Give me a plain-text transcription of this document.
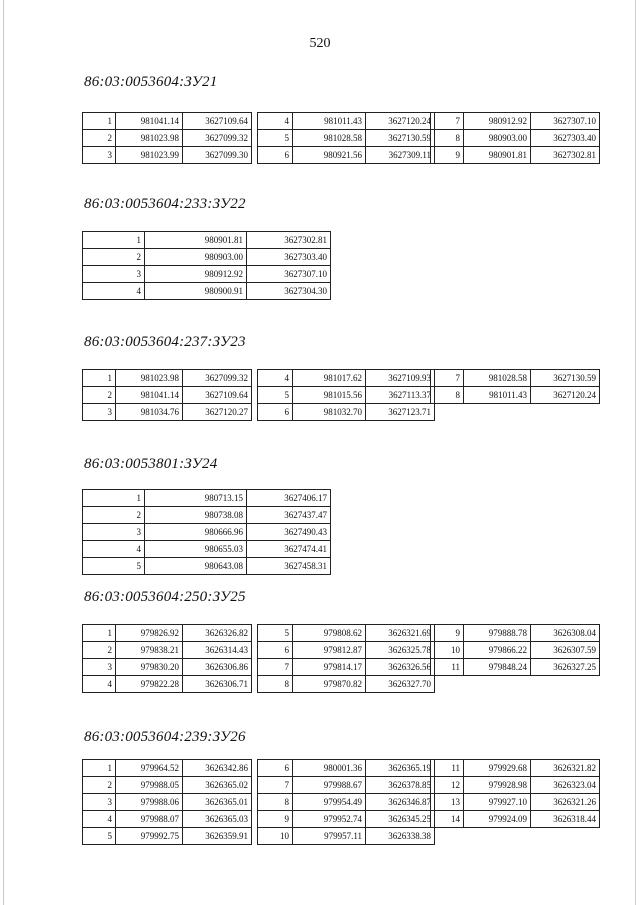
520
86:03:0053604:ЗУ21
1	981041.14	3627109.64
2	981023.98	3627099.32
3	981023.99	3627099.30
4	981011.43	3627120.24
5	981028.58	3627130.59
6	980921.56	3627309.11
7	980912.92	3627307.10
8	980903.00	3627303.40
9	980901.81	3627302.81
86:03:0053604:233:ЗУ22
1	980901.81	3627302.81
2	980903.00	3627303.40
3	980912.92	3627307.10
4	980900.91	3627304.30
86:03:0053604:237:ЗУ23
1	981023.98	3627099.32
2	981041.14	3627109.64
3	981034.76	3627120.27
4	981017.62	3627109.93
5	981015.56	3627113.37
6	981032.70	3627123.71
7	981028.58	3627130.59
8	981011.43	3627120.24
86:03:0053801:ЗУ24
1	980713.15	3627406.17
2	980738.08	3627437.47
3	980666.96	3627490.43
4	980655.03	3627474.41
5	980643.08	3627458.31
86:03:0053604:250:ЗУ25
1	979826.92	3626326.82
2	979838.21	3626314.43
3	979830.20	3626306.86
4	979822.28	3626306.71
5	979808.62	3626321.69
6	979812.87	3626325.78
7	979814.17	3626326.56
8	979870.82	3626327.70
9	979888.78	3626308.04
10	979866.22	3626307.59
11	979848.24	3626327.25
86:03:0053604:239:ЗУ26
1	979964.52	3626342.86
2	979988.05	3626365.02
3	979988.06	3626365.01
4	979988.07	3626365.03
5	979992.75	3626359.91
6	980001.36	3626365.19
7	979988.67	3626378.85
8	979954.49	3626346.87
9	979952.74	3626345.25
10	979957.11	3626338.38
11	979929.68	3626321.82
12	979928.98	3626323.04
13	979927.10	3626321.26
14	979924.09	3626318.44
